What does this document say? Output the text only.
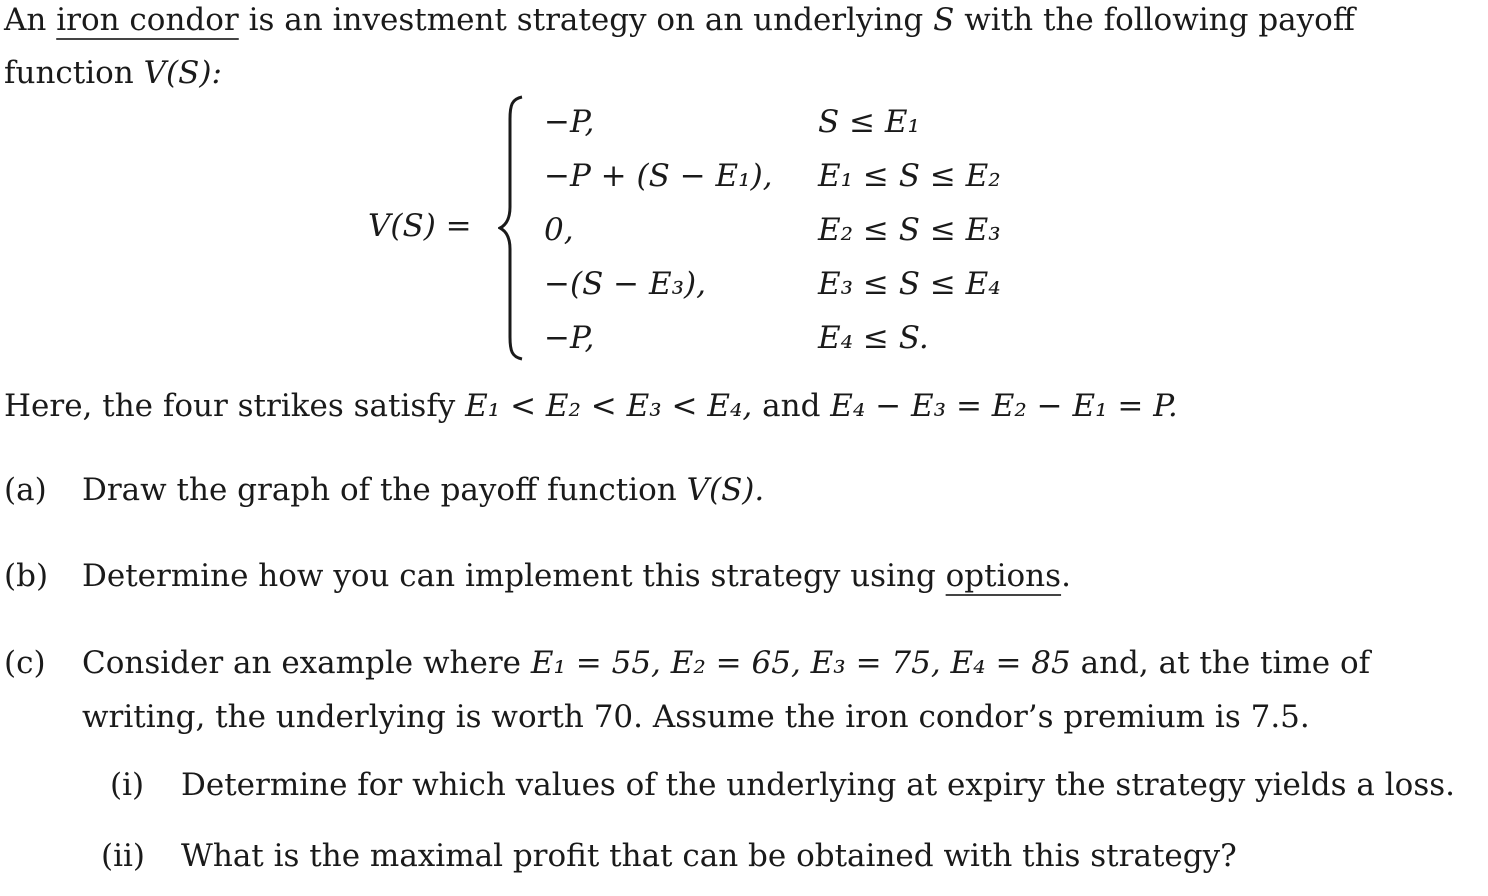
An iron condor is an investment strategy on an underlying S with the following payoff
function V(S):
V(S) =
−P,	S ≤ E₁
−P + (S − E₁), E₁ ≤ S ≤ E₂
0,	E₂ ≤ S ≤ E₃
−(S − E₃),	E₃ ≤ S ≤ E₄
−P,	E₄ ≤ S.
Here, the four strikes satisfy E₁ < E₂ < E₃ < E₄, and E₄ − E₃ = E₂ − E₁ = P.
(a) Draw the graph of the payoff function V(S).
(b) Determine how you can implement this strategy using options.
(c) Consider an example where E₁ = 55, E₂ = 65, E₃ = 75, E₄ = 85 and, at the time of
writing, the underlying is worth 70. Assume the iron condor’s premium is 7.5.
(i) Determine for which values of the underlying at expiry the strategy yields a loss.
(ii) What is the maximal profit that can be obtained with this strategy?
